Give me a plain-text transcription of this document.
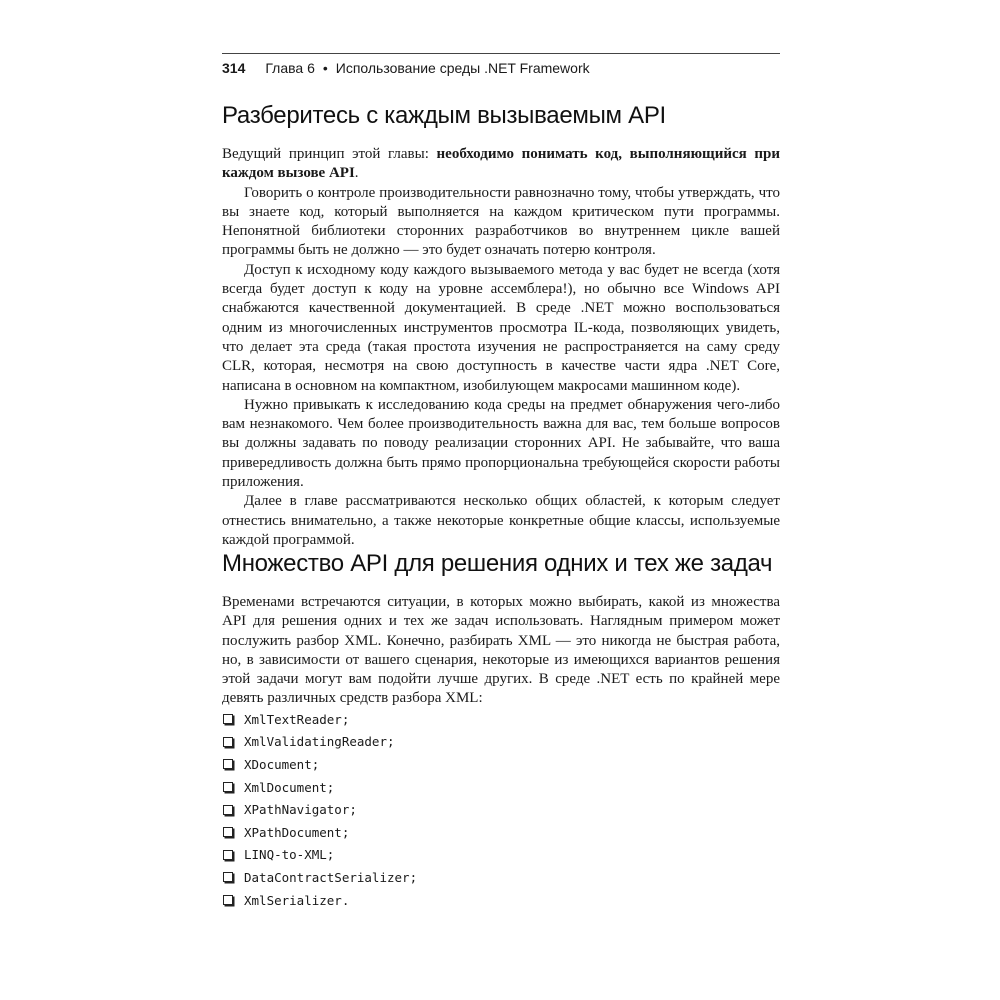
314 Глава 6 • Использование среды .NET Framework
Разберитесь с каждым вызываемым API

Ведущий принцип этой главы: необходимо понимать код, выполняющийся при каждом вызове API.

Говорить о контроле производительности равнозначно тому, чтобы утверждать, что вы знаете код, который выполняется на каждом критическом пути программы. Непонятной библиотеки сторонних разработчиков во внутреннем цикле вашей программы быть не должно — это будет означать потерю контроля.

Доступ к исходному коду каждого вызываемого метода у вас будет не всегда (хотя всегда будет доступ к коду на уровне ассемблера!), но обычно все Windows API снабжаются качественной документацией. В среде .NET можно воспользоваться одним из многочисленных инструментов просмотра IL-кода, позволяющих увидеть, что делает эта среда (такая простота изучения не распространяется на саму среду CLR, которая, несмотря на свою доступность в качестве части ядра .NET Core, написана в основном на компактном, изобилующем макросами машинном коде).

Нужно привыкать к исследованию кода среды на предмет обнаружения чего-либо вам незнакомого. Чем более производительность важна для вас, тем больше вопросов вы должны задавать по поводу реализации сторонних API. Не забывайте, что ваша привередливость должна быть прямо пропорциональна требующейся скорости работы приложения.

Далее в главе рассматриваются несколько общих областей, к которым следует отнестись внимательно, а также некоторые конкретные общие классы, используемые каждой программой.

Множество API для решения одних и тех же задач

Временами встречаются ситуации, в которых можно выбирать, какой из множества API для решения одних и тех же задач использовать. Наглядным примером может послужить разбор XML. Конечно, разбирать XML — это никогда не быстрая работа, но, в зависимости от вашего сценария, некоторые из имеющихся вариантов решения этой задачи могут вам подойти лучше других. В среде .NET есть по крайней мере девять различных средств разбора XML:

XmlTextReader ;
XmlValidatingReader ;
XDocument ;
XmlDocument ;
XPathNavigator ;
XPathDocument ;
LINQ-to-XML ;
DataContractSerializer ;
XmlSerializer .
